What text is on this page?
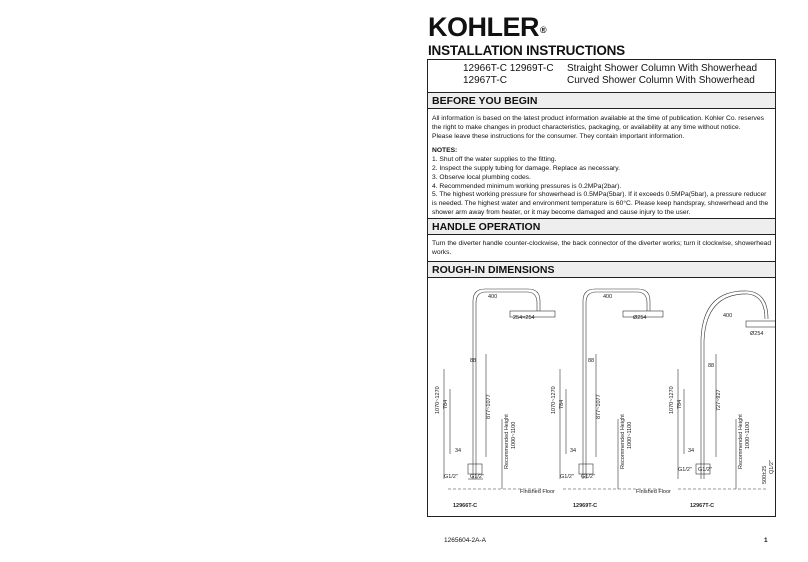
KOHLER®
INSTALLATION INSTRUCTIONS
12966T-C 12969T-C Straight Shower Column With Showerhead
12967T-C	Curved Shower Column With Showerhead
BEFORE YOU BEGIN
All information is based on the latest product information available at the time of publication. Kohler Co. reserves
the right to make changes in product characteristics, packaging, or availability at any time without notice.
Please leave these instructions for the consumer. They contain important information.
NOTES:
1. Shut off the water supplies to the fitting.
2. Inspect the supply tubing for damage. Replace as necessary.
3. Observe local plumbing codes.
4. Recommended minimum working pressures is 0.2MPa(2bar).
5. The highest working pressure for showerhead is 0.5MPa(5bar). If it exceeds 0.5MPa(5bar), a pressure reducer
is needed. The highest water and environment temperature is 60°C. Please keep handspray, showerhead and the
shower arm away from heater, or it may become damaged and cause injury to the user.
HANDLE OPERATION
Turn the diverter handle counter-clockwise, the back connector of the diverter works; turn it clockwise, showerhead
works.
ROUGH-IN DIMENSIONS
400
254×254
88
34
G1/2" G1/2"
Finished Floor
12966T-C
1070~1270 784	877~1077
Recommended Height 1000~1100
400
Ø254
88
34
G1/2" G1/2"
Finished Floor
12969T-C
1070~1270 784	877~1077
Recommended Height 1000~1100
400
Ø254
88
34
G1/2" G1/2"
12967T-C
1070~1270 784	727~927
Recommended Height 1000~1100
500±25 Q1/2"
1265604-2A-A	1
